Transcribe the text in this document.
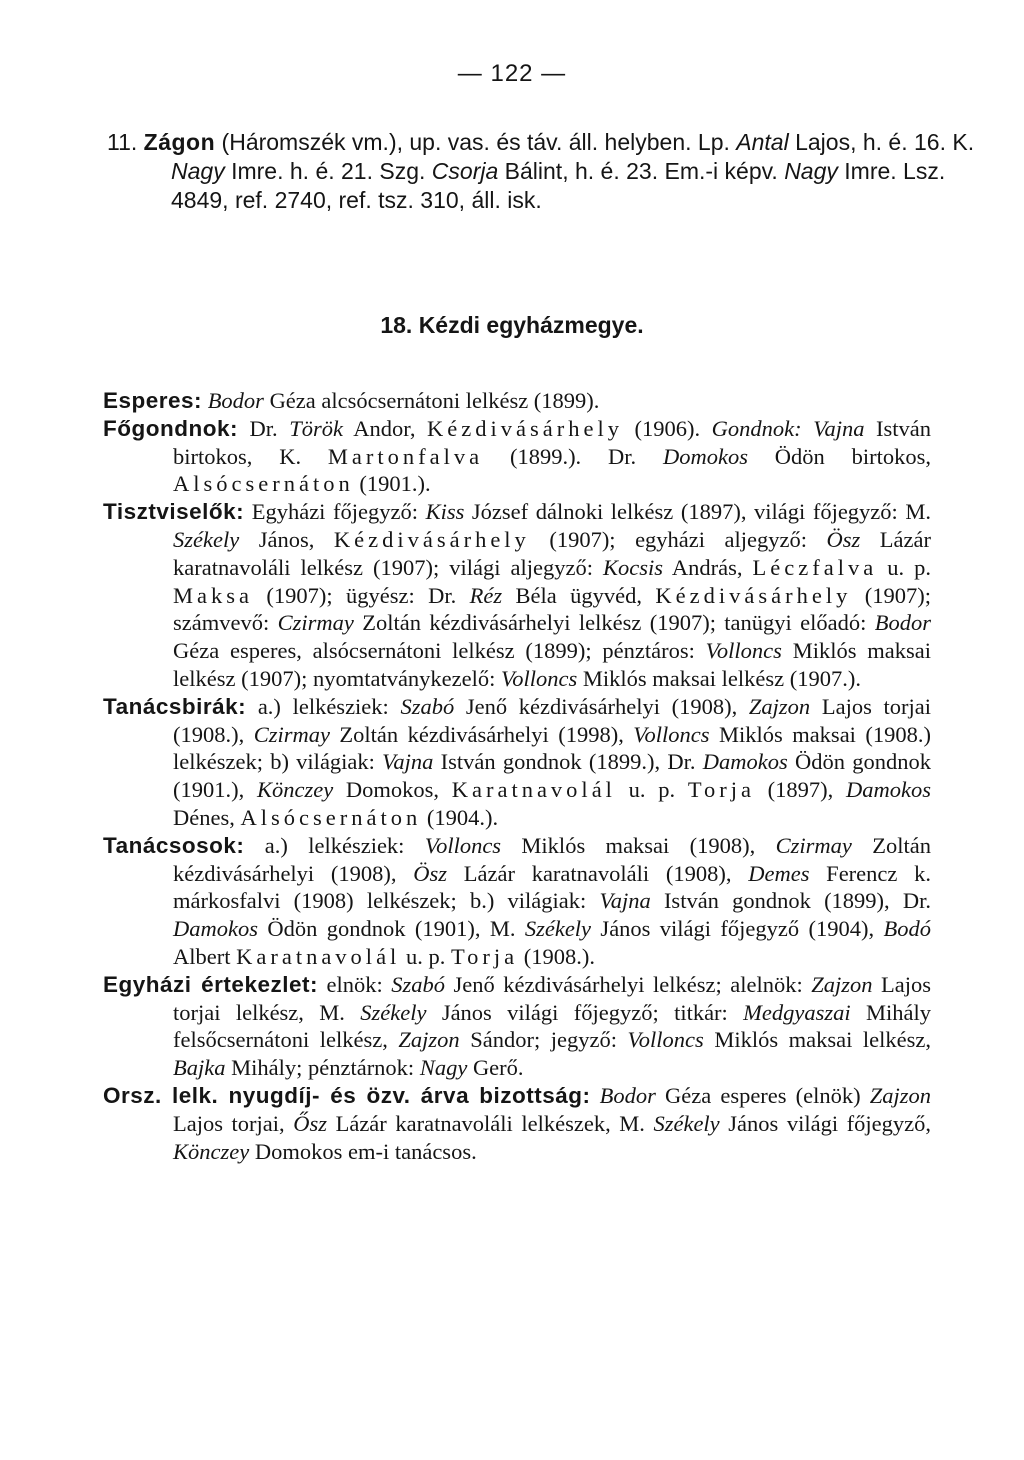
— 122 —
11. Zágon (Háromszék vm.), up. vas. és táv. áll. helyben. Lp. Antal Lajos, h. é. 16. K. Nagy Imre. h. é. 21. Szg. Csorja Bálint, h. é. 23. Em.-i képv. Nagy Imre. Lsz. 4849, ref. 2740, ref. tsz. 310, áll. isk.
18. Kézdi egyházmegye.

Esperes: Bodor Géza alcsócsernátoni lelkész (1899).

Főgondnok: Dr. Török Andor, Kézdivásárhely (1906). Gondnok: Vajna István birtokos, K. Martonfalva (1899.). Dr. Domokos Ödön birtokos, Alsócsernáton (1901.).

Tisztviselők: Egyházi főjegyző: Kiss József dálnoki lelkész (1897), világi főjegyző: M. Székely János, Kézdivásárhely (1907); egyházi aljegyző: Ösz Lázár karatnavoláli lelkész (1907); világi aljegyző: Kocsis András, Léczfalva u. p. Maksa (1907); ügyész: Dr. Réz Béla ügyvéd, Kézdivásárhely (1907); számvevő: Czirmay Zoltán kézdivásárhelyi lelkész (1907); tanügyi előadó: Bodor Géza esperes, alsócsernátoni lelkész (1899); pénztáros: Volloncs Miklós maksai lelkész (1907); nyomtatványkezelő: Volloncs Miklós maksai lelkész (1907.).

Tanácsbirák: a.) lelkésziek: Szabó Jenő kézdivásárhelyi (1908), Zajzon Lajos torjai (1908.), Czirmay Zoltán kézdivásárhelyi (1998), Volloncs Miklós maksai (1908.) lelkészek; b) világiak: Vajna István gondnok (1899.), Dr. Damokos Ödön gondnok (1901.), Könczey Domokos, Karatnavolál u. p. Torja (1897), Damokos Dénes, Alsócsernáton (1904.).

Tanácsosok: a.) lelkésziek: Volloncs Miklós maksai (1908), Czirmay Zoltán kézdivásárhelyi (1908), Ösz Lázár karatnavoláli (1908), Demes Ferencz k. márkosfalvi (1908) lelkészek; b.) világiak: Vajna István gondnok (1899), Dr. Damokos Ödön gondnok (1901), M. Székely János világi főjegyző (1904), Bodó Albert Karatnavolál u. p. Torja (1908.).

Egyházi értekezlet: elnök: Szabó Jenő kézdivásárhelyi lelkész; alelnök: Zajzon Lajos torjai lelkész, M. Székely János világi főjegyző; titkár: Medgyaszai Mihály felsőcsernátoni lelkész, Zajzon Sándor; jegyző: Volloncs Miklós maksai lelkész, Bajka Mihály; pénztárnok: Nagy Gerő.

Orsz. lelk. nyugdíj- és özv. árva bizottság: Bodor Géza esperes (elnök) Zajzon Lajos torjai, Ősz Lázár karatnavoláli lelkészek, M. Székely János világi főjegyző, Könczey Domokos em-i tanácsos.
